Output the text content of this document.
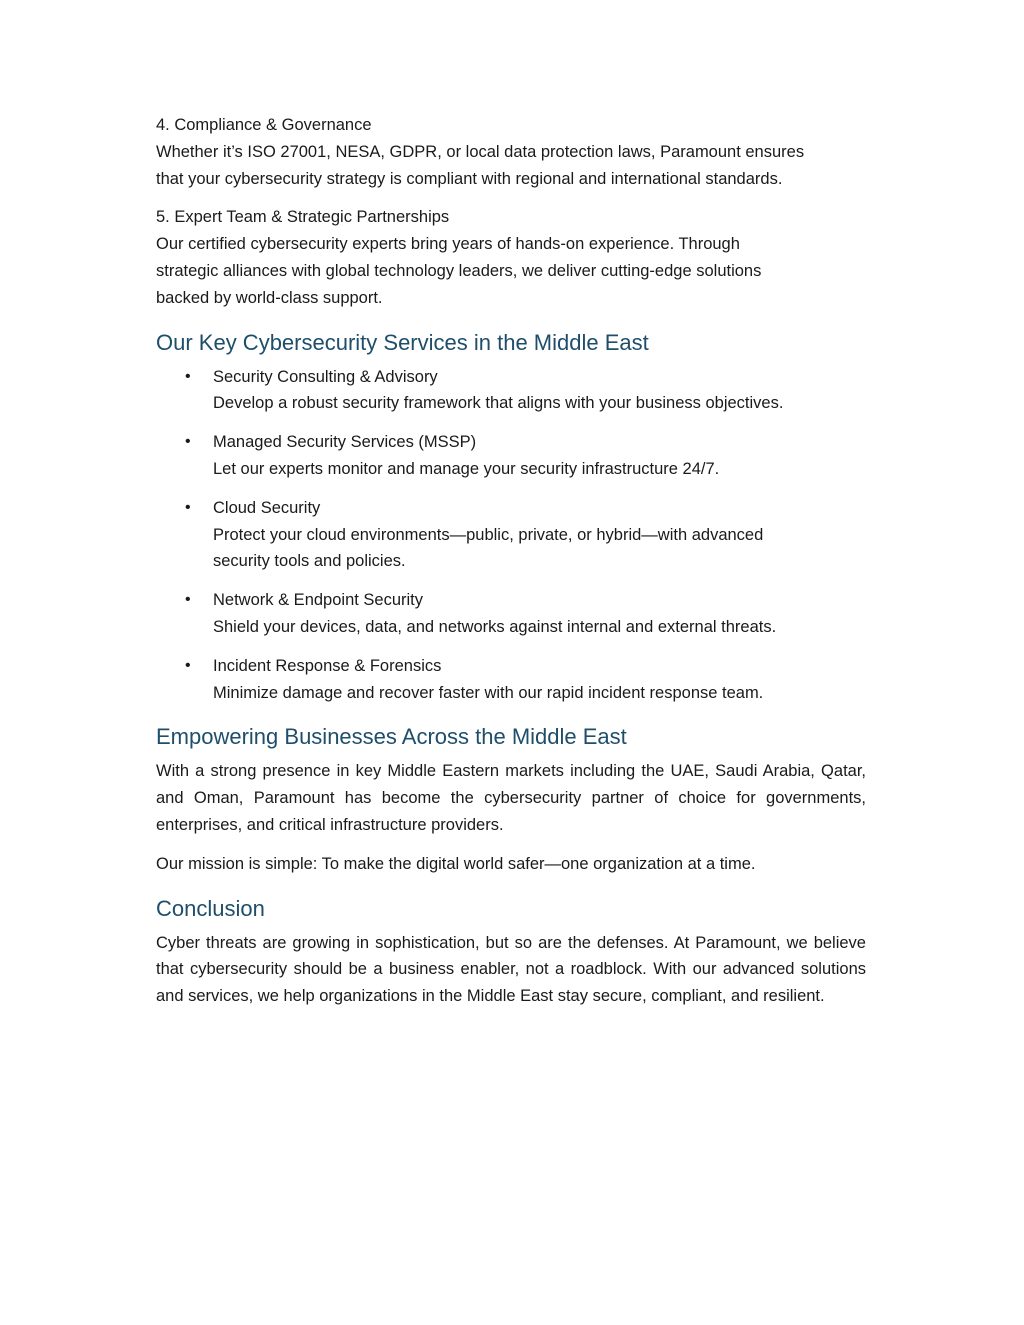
4. Compliance & Governance
Whether it’s ISO 27001, NESA, GDPR, or local data protection laws, Paramount ensures
that your cybersecurity strategy is compliant with regional and international standards.

5. Expert Team & Strategic Partnerships
Our certified cybersecurity experts bring years of hands-on experience. Through
strategic alliances with global technology leaders, we deliver cutting-edge solutions
backed by world-class support.

Our Key Cybersecurity Services in the Middle East
• Security Consulting & Advisory
Develop a robust security framework that aligns with your business objectives.
• Managed Security Services (MSSP)
Let our experts monitor and manage your security infrastructure 24/7.
• Cloud Security
Protect your cloud environments—public, private, or hybrid—with advanced
security tools and policies.
• Network & Endpoint Security
Shield your devices, data, and networks against internal and external threats.
• Incident Response & Forensics
Minimize damage and recover faster with our rapid incident response team.
Empowering Businesses Across the Middle East

With a strong presence in key Middle Eastern markets including the UAE, Saudi Arabia, Qatar, and Oman, Paramount has become the cybersecurity partner of choice for governments, enterprises, and critical infrastructure providers.

Our mission is simple: To make the digital world safer—one organization at a time.

Conclusion

Cyber threats are growing in sophistication, but so are the defenses. At Paramount, we believe that cybersecurity should be a business enabler, not a roadblock. With our advanced solutions and services, we help organizations in the Middle East stay secure, compliant, and resilient.
